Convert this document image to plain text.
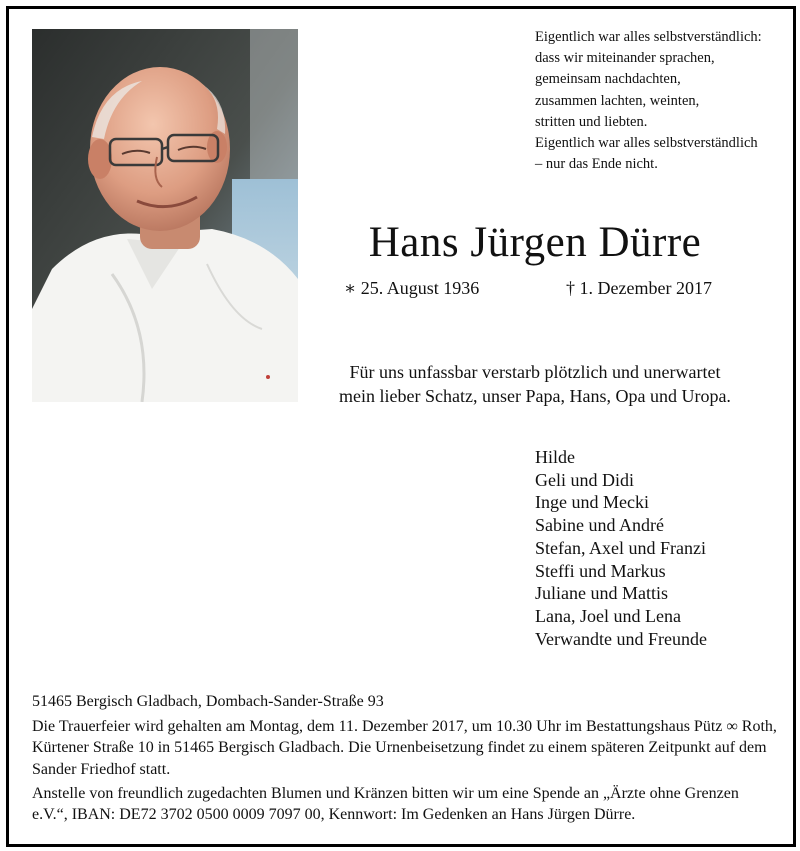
Eigentlich war alles selbstverständlich:
dass wir miteinander sprachen,
gemeinsam nachdachten,
zusammen lachten, weinten,
stritten und liebten.
Eigentlich war alles selbstverständlich
– nur das Ende nicht.
Hans Jürgen Dürre
∗ 25. August 1936	† 1. Dezember 2017
Für uns unfassbar verstarb plötzlich und unerwartet
mein lieber Schatz, unser Papa, Hans, Opa und Uropa.
Hilde
Geli und Didi
Inge und Mecki
Sabine und André
Stefan, Axel und Franzi
Steffi und Markus
Juliane und Mattis
Lana, Joel und Lena
Verwandte und Freunde
51465 Bergisch Gladbach, Dombach-Sander-Straße 93
Die Trauerfeier wird gehalten am Montag, dem 11. Dezember 2017, um 10.30 Uhr im Bestattungshaus Pütz ∞ Roth, Kürtener Straße 10 in 51465 Bergisch Gladbach. Die Urnenbeisetzung findet zu einem späteren Zeitpunkt auf dem Sander Friedhof statt.
Anstelle von freundlich zugedachten Blumen und Kränzen bitten wir um eine Spende an „Ärzte ohne Grenzen e.V.“, IBAN: DE72 3702 0500 0009 7097 00, Kennwort: Im Gedenken an Hans Jürgen Dürre.
